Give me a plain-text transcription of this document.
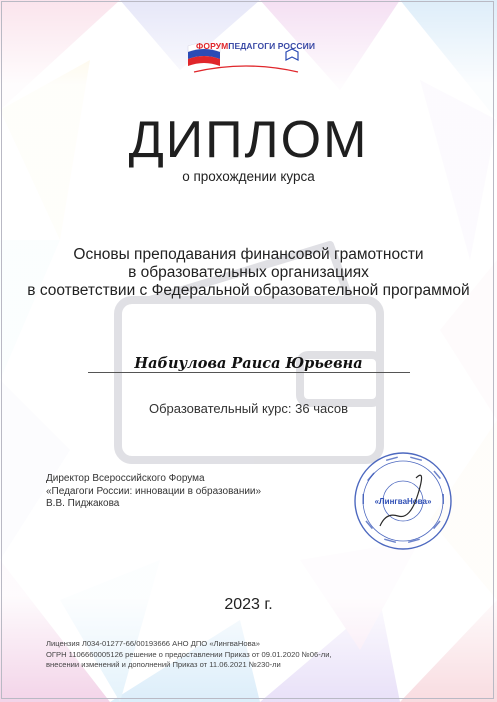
ФОРУМПЕДАГОГИ РОССИИ
ДИПЛОМ
о прохождении курса
Основы преподавания финансовой грамотности
в образовательных организациях
в соответствии с Федеральной образовательной программой
Набиулова Раиса Юрьевна
Образовательный курс: 36 часов
Директор Всероссийского Форума
«Педагоги России: инновации в образовании»
В.В. Пиджакова	«ЛингваНова»
2023 г.
Лицензия Л034-01277-66/00193666 АНО ДПО «ЛингваНова»
ОГРН 1106660005126 решение о предоставлении Приказ от 09.01.2020 №06-ли,
внесении изменений и дополнений Приказ от 11.06.2021 №230-ли
